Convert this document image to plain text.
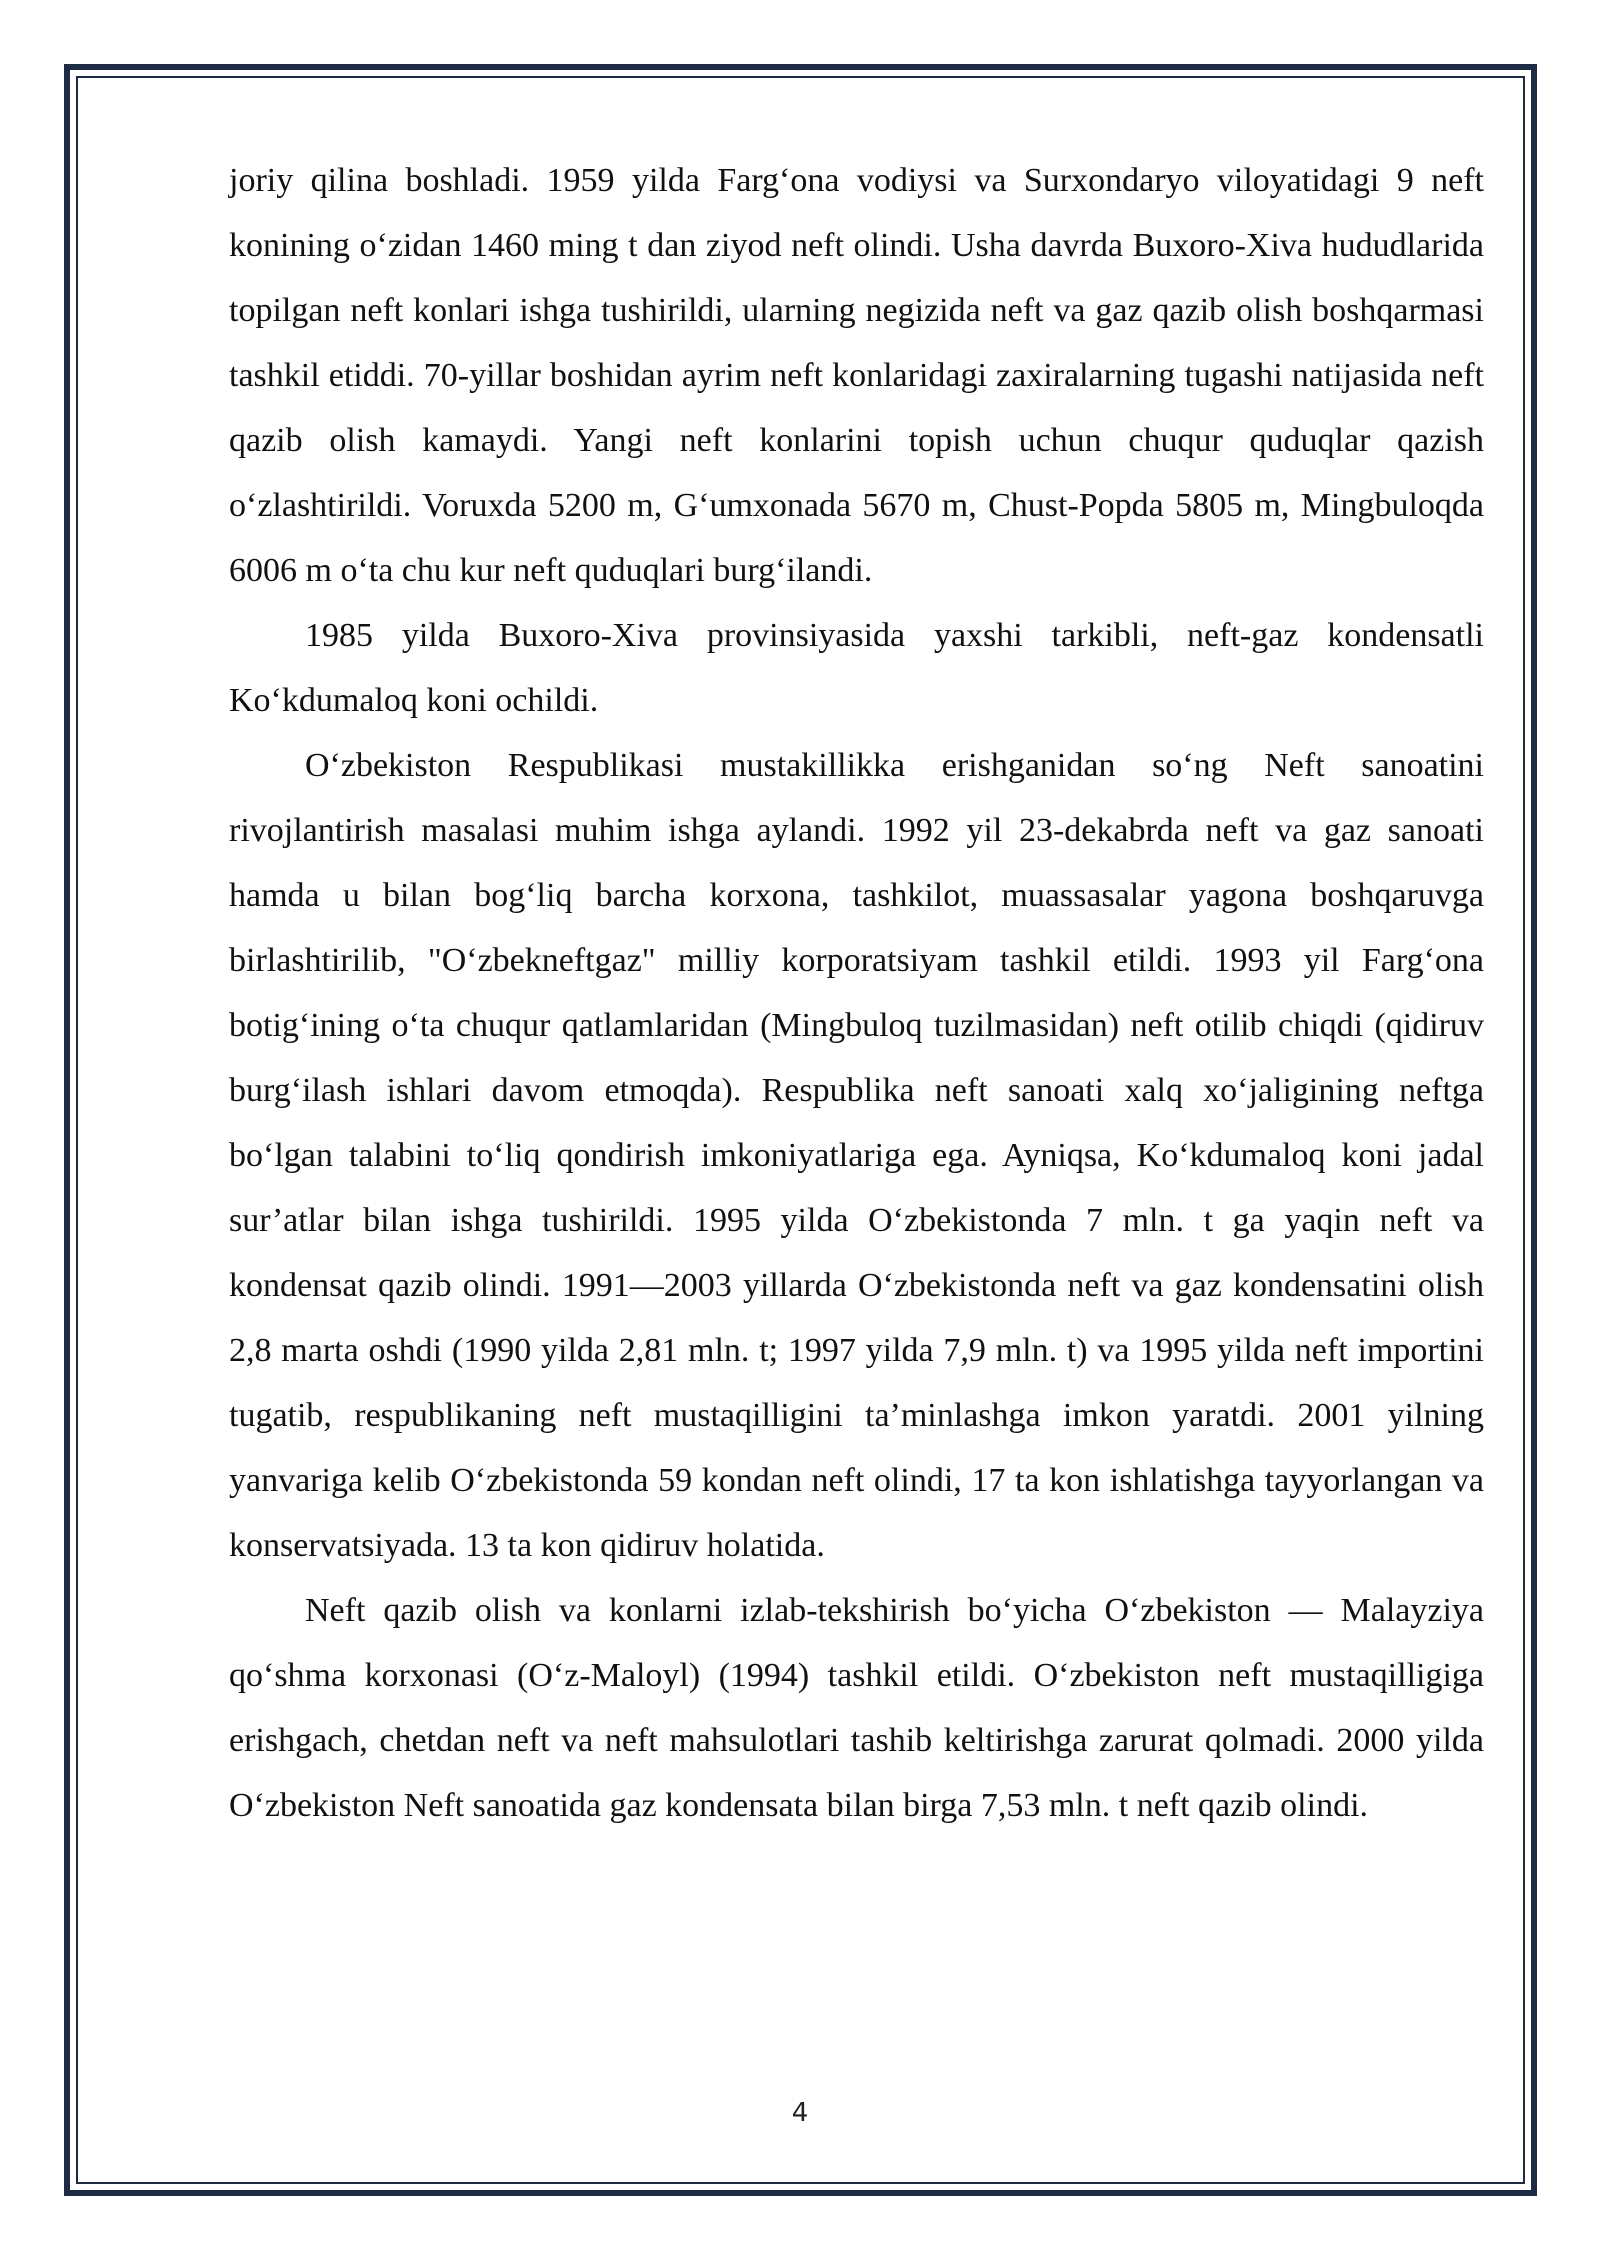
joriy qilina boshladi. 1959 yilda Farg‘ona vodiysi va Surxondaryo viloyatidagi 9 neft konining o‘zidan 1460 ming t dan ziyod neft olindi. Usha davrda Buxoro-Xiva hududlarida topilgan neft konlari ishga tushirildi, ularning negizida neft va gaz qazib olish boshqarmasi tashkil etiddi. 70-yillar boshidan ayrim neft konlaridagi zaxiralarning tugashi natijasida neft qazib olish kamaydi. Yangi neft konlarini topish uchun chuqur quduqlar qazish o‘zlashtirildi. Voruxda 5200 m, G‘umxonada 5670 m, Chust-Popda 5805 m, Mingbuloqda 6006 m o‘ta chu kur neft quduqlari burg‘ilandi.

1985 yilda Buxoro-Xiva provinsiyasida yaxshi tarkibli, neft-gaz kondensatli Ko‘kdumaloq koni ochildi.

O‘zbekiston Respublikasi mustakillikka erishganidan so‘ng Neft sanoatini rivojlantirish masalasi muhim ishga aylandi. 1992 yil 23-dekabrda neft va gaz sanoati hamda u bilan bog‘liq barcha korxona, tashkilot, muassasalar yagona boshqaruvga birlashtirilib, "O‘zbekneftgaz" milliy korporatsiyam tashkil etildi. 1993 yil Farg‘ona botig‘ining o‘ta chuqur qatlamlaridan (Mingbuloq tuzilmasidan) neft otilib chiqdi (qidiruv burg‘ilash ishlari davom etmoqda). Respublika neft sanoati xalq xo‘jaligining neftga bo‘lgan talabini to‘liq qondirish imkoniyatlariga ega. Ayniqsa, Ko‘kdumaloq koni jadal sur’atlar bilan ishga tushirildi. 1995 yilda O‘zbekistonda 7 mln. t ga yaqin neft va kondensat qazib olindi. 1991—2003 yillarda O‘zbekistonda neft va gaz kondensatini olish 2,8 marta oshdi (1990 yilda 2,81 mln. t; 1997 yilda 7,9 mln. t) va 1995 yilda neft importini tugatib, respublikaning neft mustaqilligini ta’minlashga imkon yaratdi. 2001 yilning yanvariga kelib O‘zbekistonda 59 kondan neft olindi, 17 ta kon ishlatishga tayyorlangan va konservatsiyada. 13 ta kon qidiruv holatida.

Neft qazib olish va konlarni izlab-tekshirish bo‘yicha O‘zbekiston — Malayziya qo‘shma korxonasi (O‘z-Maloyl) (1994) tashkil etildi. O‘zbekiston neft mustaqilligiga erishgach, chetdan neft va neft mahsulotlari tashib keltirishga zarurat qolmadi. 2000 yilda O‘zbekiston Neft sanoatida gaz kondensata bilan birga 7,53 mln. t neft qazib olindi.

4
